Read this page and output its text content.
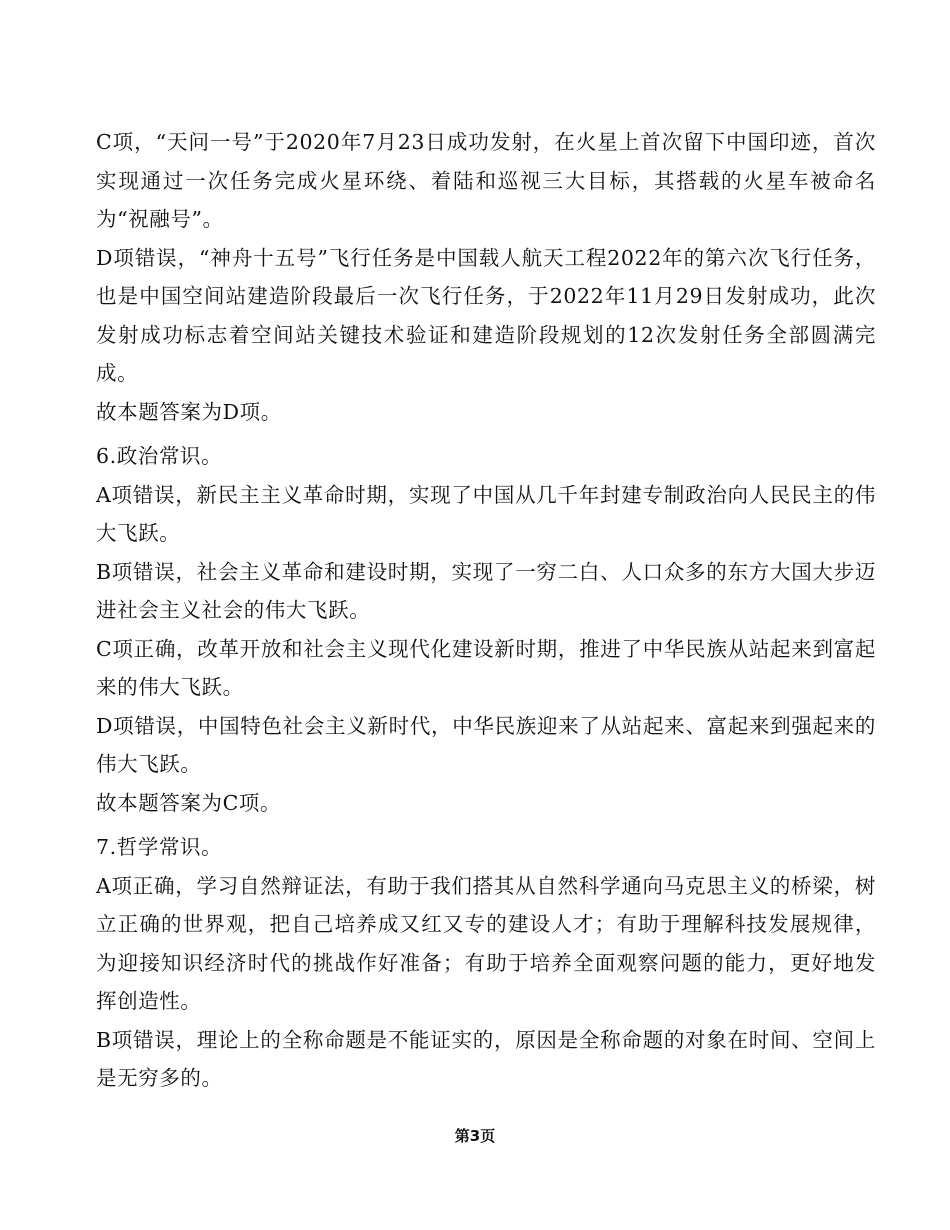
C项，“天问一号”于2020年7月23日成功发射，在火星上首次留下中国印迹，首次实现通过一次任务完成火星环绕、着陆和巡视三大目标，其搭载的火星车被命名为“祝融号”。

D项错误，“神舟十五号”飞行任务是中国载人航天工程2022年的第六次飞行任务，也是中国空间站建造阶段最后一次飞行任务，于2022年11月29日发射成功，此次发射成功标志着空间站关键技术验证和建造阶段规划的12次发射任务全部圆满完成。

故本题答案为D项。

6.政治常识。

A项错误，新民主主义革命时期，实现了中国从几千年封建专制政治向人民民主的伟大飞跃。

B项错误，社会主义革命和建设时期，实现了一穷二白、人口众多的东方大国大步迈进社会主义社会的伟大飞跃。

C项正确，改革开放和社会主义现代化建设新时期，推进了中华民族从站起来到富起来的伟大飞跃。

D项错误，中国特色社会主义新时代，中华民族迎来了从站起来、富起来到强起来的伟大飞跃。

故本题答案为C项。

7.哲学常识。

A项正确，学习自然辩证法，有助于我们搭其从自然科学通向马克思主义的桥梁，树立正确的世界观，把自己培养成又红又专的建设人才；有助于理解科技发展规律，为迎接知识经济时代的挑战作好准备；有助于培养全面观察问题的能力，更好地发挥创造性。

B项错误，理论上的全称命题是不能证实的，原因是全称命题的对象在时间、空间上是无穷多的。

第3页
